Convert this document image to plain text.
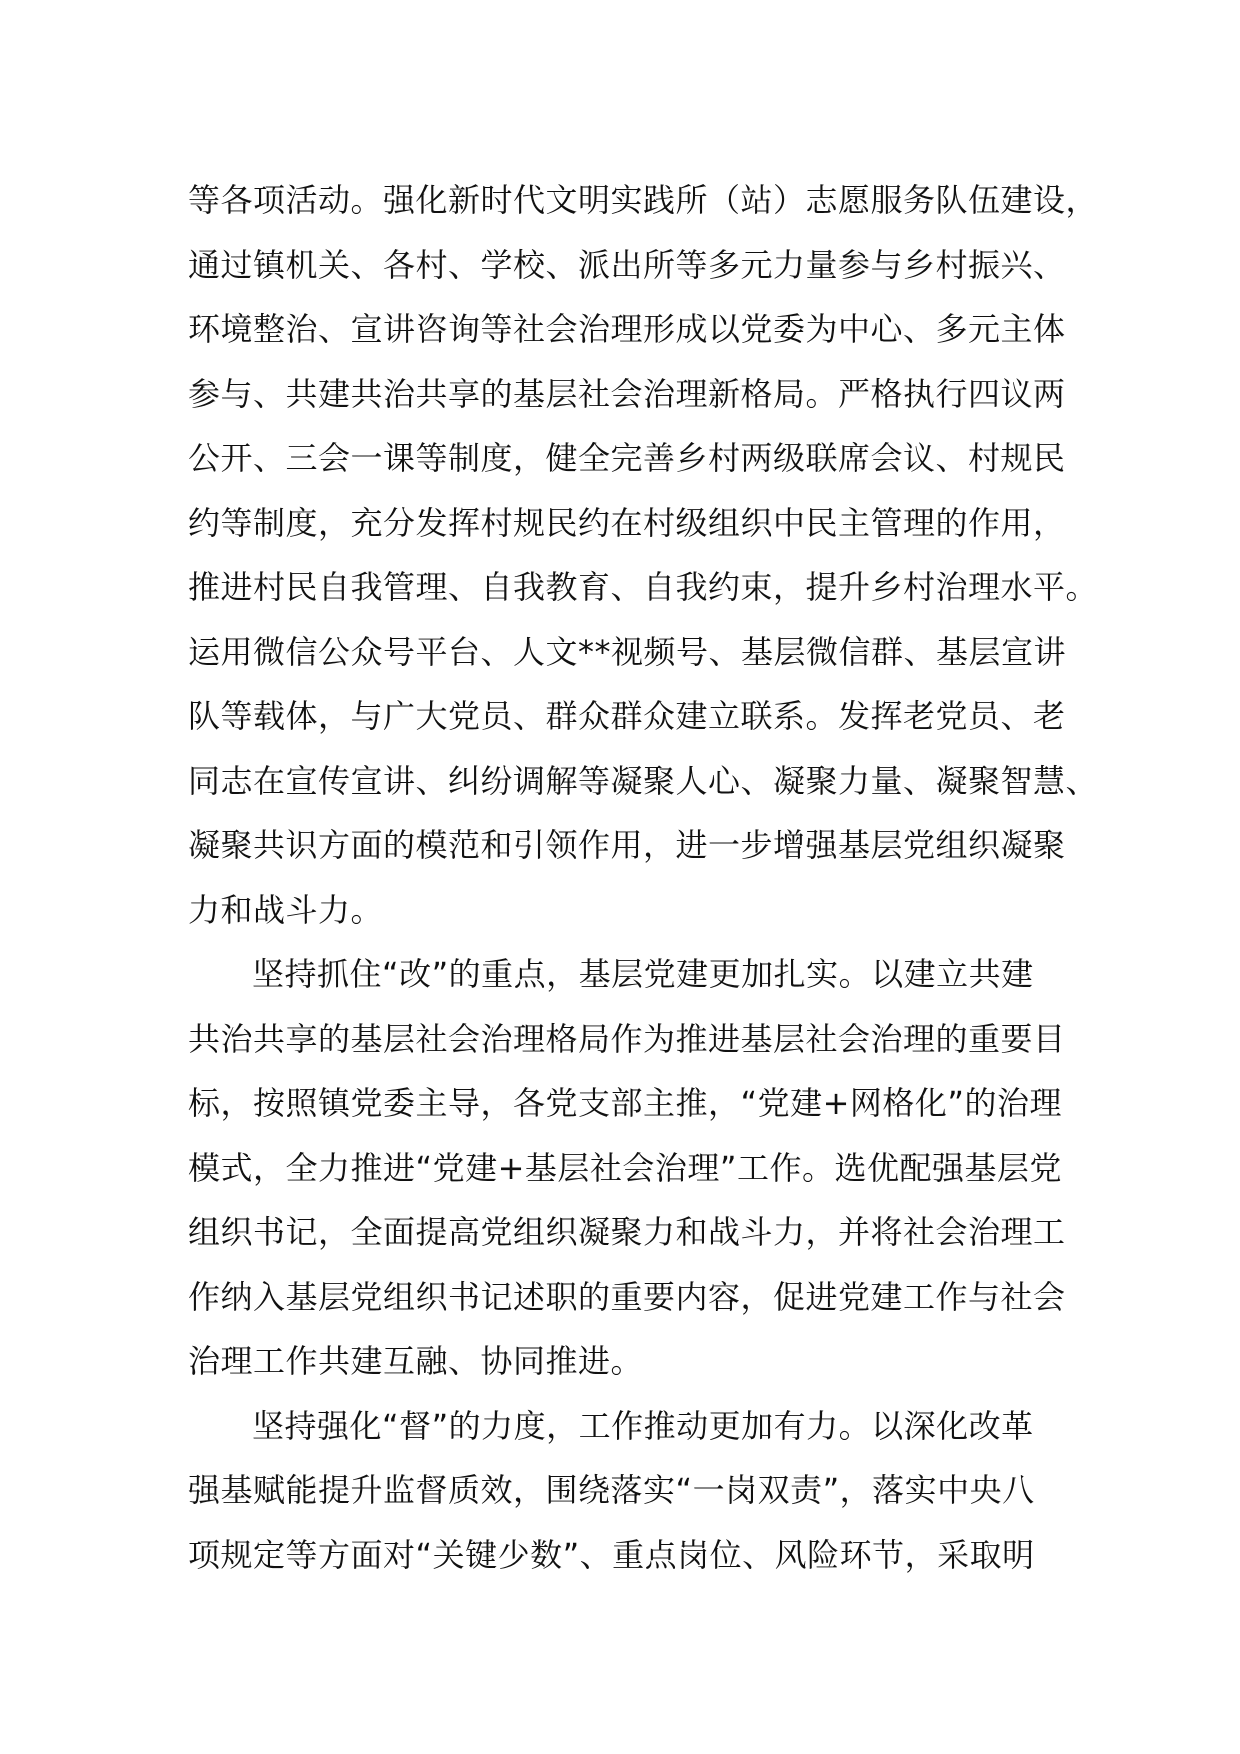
等各项活动。强化新时代文明实践所（站）志愿服务队伍建设，
通过镇机关、各村、学校、派出所等多元力量参与乡村振兴、
环境整治、宣讲咨询等社会治理形成以党委为中心、多元主体
参与、共建共治共享的基层社会治理新格局。严格执行四议两
公开、三会一课等制度，健全完善乡村两级联席会议、村规民
约等制度，充分发挥村规民约在村级组织中民主管理的作用，
推进村民自我管理、自我教育、自我约束，提升乡村治理水平。
运用微信公众号平台、人文**视频号、基层微信群、基层宣讲
队等载体，与广大党员、群众群众建立联系。发挥老党员、老
同志在宣传宣讲、纠纷调解等凝聚人心、凝聚力量、凝聚智慧、
凝聚共识方面的模范和引领作用，进一步增强基层党组织凝聚
力和战斗力。
坚持抓住“改”的重点，基层党建更加扎实。以建立共建
共治共享的基层社会治理格局作为推进基层社会治理的重要目
标，按照镇党委主导，各党支部主推，“党建+网格化”的治理
模式，全力推进“党建+基层社会治理”工作。选优配强基层党
组织书记，全面提高党组织凝聚力和战斗力，并将社会治理工
作纳入基层党组织书记述职的重要内容，促进党建工作与社会
治理工作共建互融、协同推进。
坚持强化“督”的力度，工作推动更加有力。以深化改革
强基赋能提升监督质效，围绕落实“一岗双责”，落实中央八
项规定等方面对“关键少数”、重点岗位、风险环节，采取明
